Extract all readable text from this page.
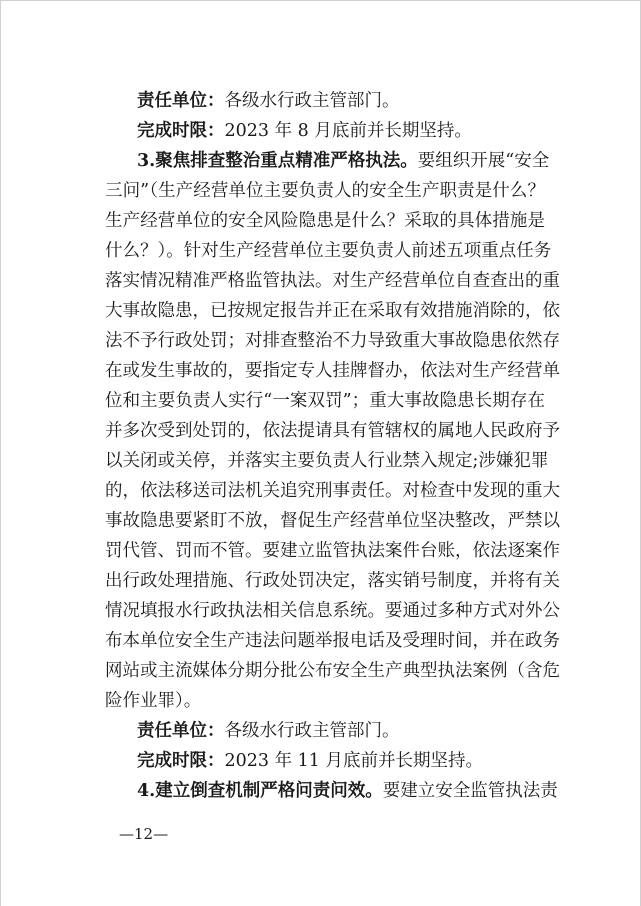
责任单位：各级水行政主管部门。
完成时限：2023 年 8 月底前并长期坚持。
3.聚焦排查整治重点精准严格执法。要组织开展“安全
三问”（生产经营单位主要负责人的安全生产职责是什么？
生产经营单位的安全风险隐患是什么？采取的具体措施是
什么？）。针对生产经营单位主要负责人前述五项重点任务
落实情况精准严格监管执法。对生产经营单位自查查出的重
大事故隐患，已按规定报告并正在采取有效措施消除的，依
法不予行政处罚；对排查整治不力导致重大事故隐患依然存
在或发生事故的，要指定专人挂牌督办，依法对生产经营单
位和主要负责人实行“一案双罚”；重大事故隐患长期存在
并多次受到处罚的，依法提请具有管辖权的属地人民政府予
以关闭或关停，并落实主要负责人行业禁入规定;涉嫌犯罪
的，依法移送司法机关追究刑事责任。对检查中发现的重大
事故隐患要紧盯不放，督促生产经营单位坚决整改，严禁以
罚代管、罚而不管。要建立监管执法案件台账，依法逐案作
出行政处理措施、行政处罚决定，落实销号制度，并将有关
情况填报水行政执法相关信息系统。要通过多种方式对外公
布本单位安全生产违法问题举报电话及受理时间，并在政务
网站或主流媒体分期分批公布安全生产典型执法案例（含危
险作业罪）。
责任单位：各级水行政主管部门。
完成时限：2023 年 11 月底前并长期坚持。
4.建立倒查机制严格问责问效。要建立安全监管执法责
—12—
